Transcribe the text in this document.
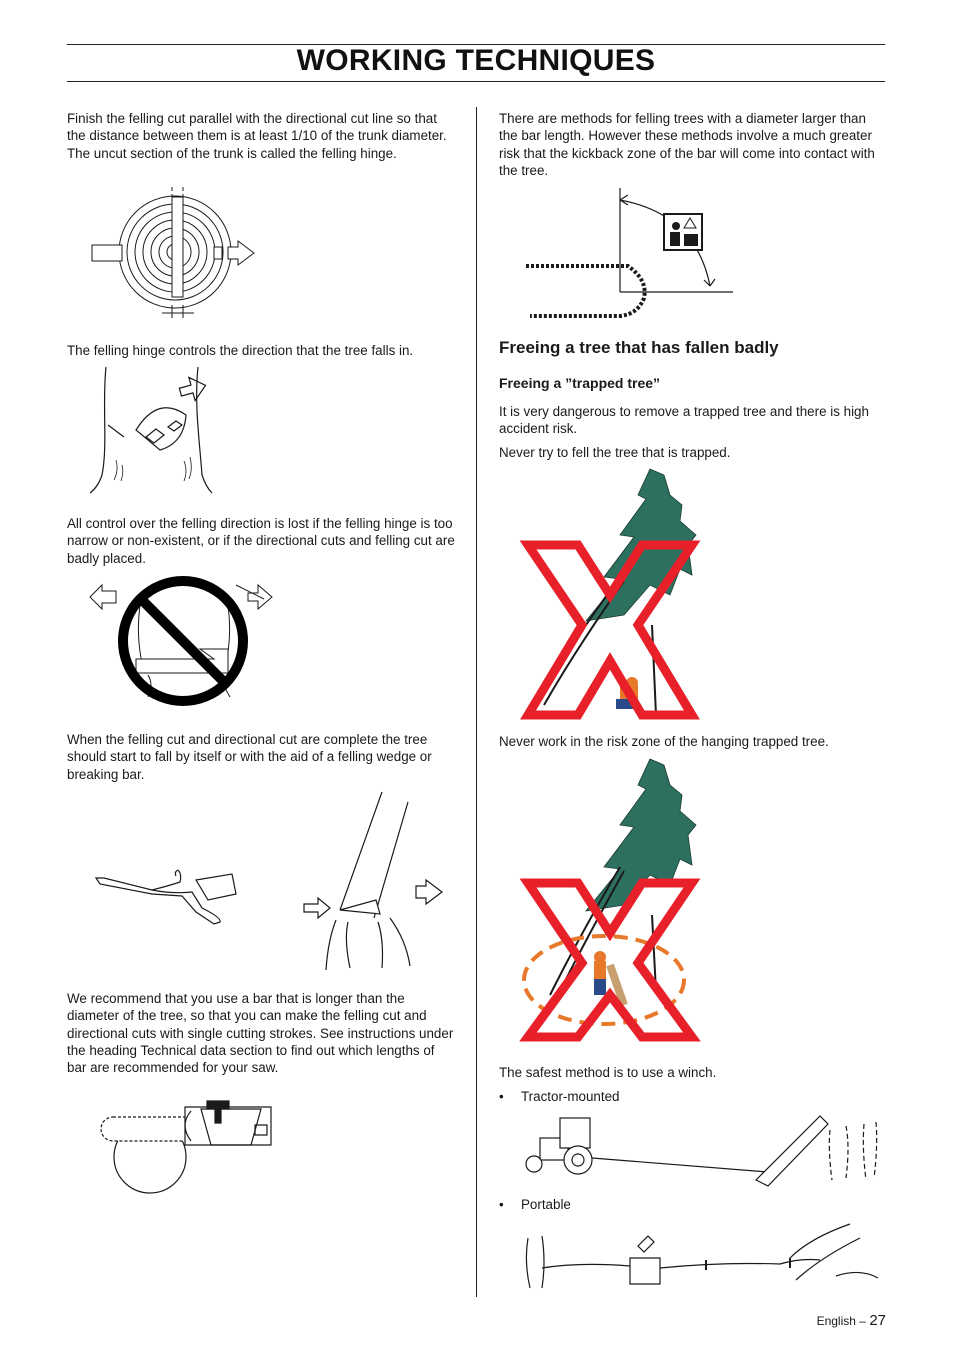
WORKING TECHNIQUES

Finish the felling cut parallel with the directional cut line so that the distance between them is at least 1/10 of the trunk diameter. The uncut section of the trunk is called the felling hinge.

The felling hinge controls the direction that the tree falls in.

All control over the felling direction is lost if the felling hinge is too narrow or non-existent, or if the directional cuts and felling cut are badly placed.

When the felling cut and directional cut are complete the tree should start to fall by itself or with the aid of a felling wedge or breaking bar.

We recommend that you use a bar that is longer than the diameter of the tree, so that you can make the felling cut and directional cuts with single cutting strokes. See instructions under the heading Technical data section to find out which lengths of bar are recommended for your saw.

There are methods for felling trees with a diameter larger than the bar length. However these methods involve a much greater risk that the kickback zone of the bar will come into contact with the tree.

Freeing a tree that has fallen badly
Freeing a ”trapped tree”

It is very dangerous to remove a trapped tree and there is high accident risk.

Never try to fell the tree that is trapped.

Never work in the risk zone of the hanging trapped tree.

The safest method is to use a winch.

• Tractor-mounted
• Portable
English – 27
